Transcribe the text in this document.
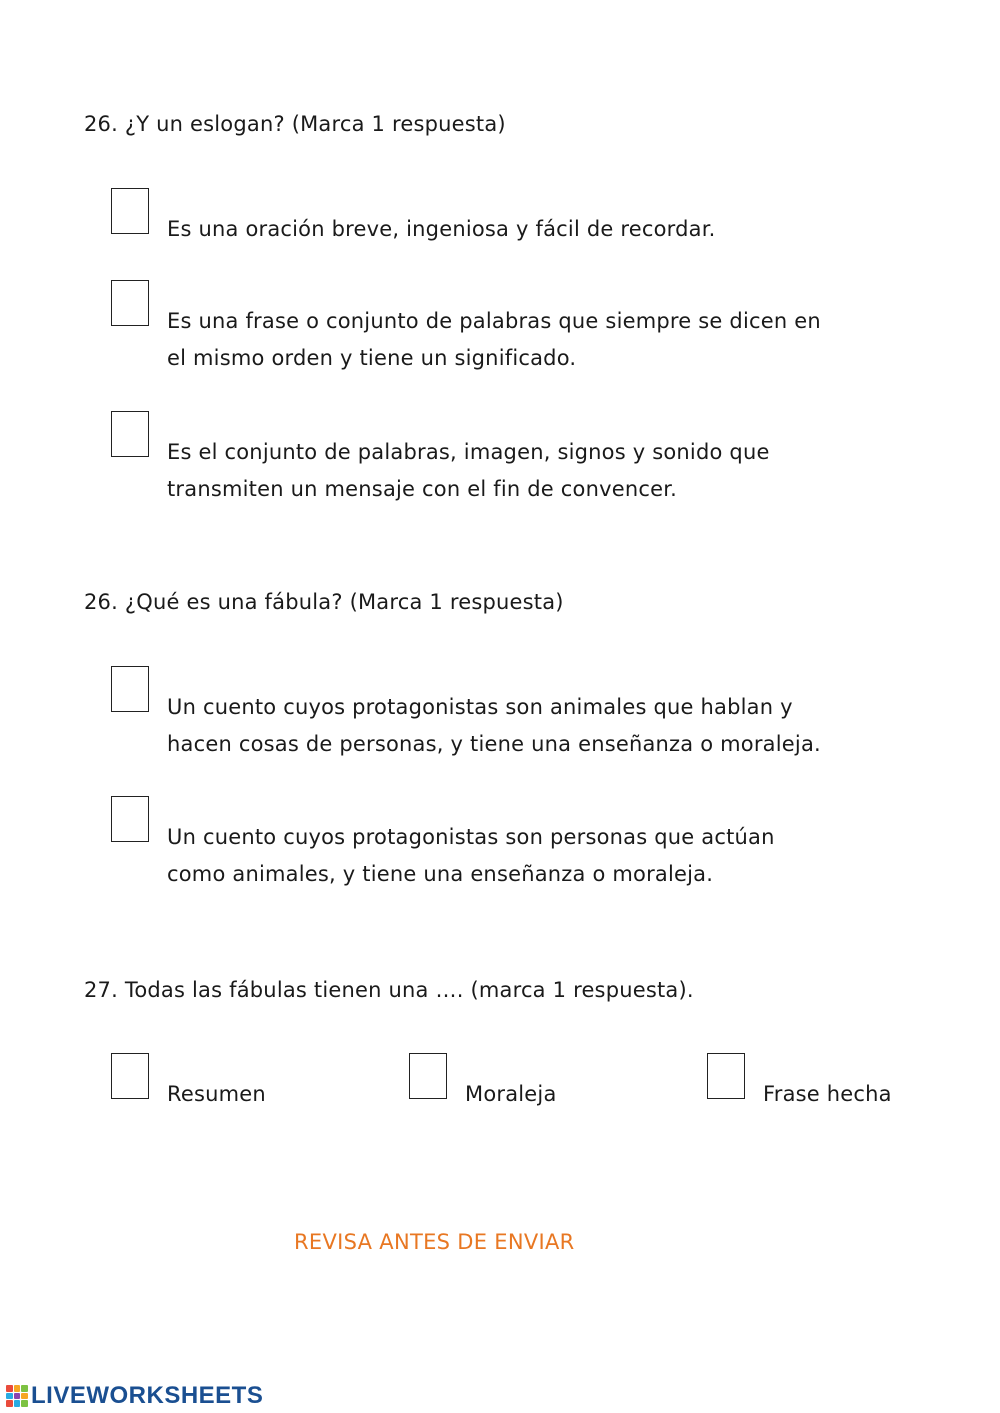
26. ¿Y un eslogan? (Marca 1 respuesta)
Es una oración breve, ingeniosa y fácil de recordar.
Es una frase o conjunto de palabras que siempre se dicen en
el mismo orden y tiene un significado.
Es el conjunto de palabras, imagen, signos y sonido que
transmiten un mensaje con el fin de convencer.
26. ¿Qué es una fábula? (Marca 1 respuesta)
Un cuento cuyos protagonistas son animales que hablan y
hacen cosas de personas, y tiene una enseñanza o moraleja.
Un cuento cuyos protagonistas son personas que actúan
como animales, y tiene una enseñanza o moraleja.
27. Todas las fábulas tienen una …. (marca 1 respuesta).
Resumen	Moraleja	Frase hecha
REVISA ANTES DE ENVIAR
LIVEWORKSHEETS
